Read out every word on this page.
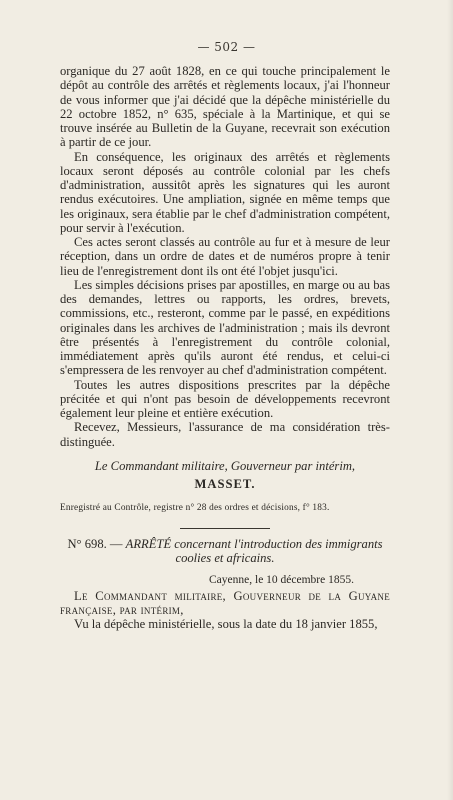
— 502 —

organique du 27 août 1828, en ce qui touche principalement le dépôt au contrôle des arrêtés et règlements locaux, j'ai l'honneur de vous informer que j'ai décidé que la dépêche ministérielle du 22 octobre 1852, n° 635, spéciale à la Martinique, et qui se trouve insérée au Bulletin de la Guyane, recevrait son exécution à partir de ce jour.

En conséquence, les originaux des arrêtés et règlements locaux seront déposés au contrôle colonial par les chefs d'administration, aussitôt après les signatures qui les auront rendus exécutoires. Une ampliation, signée en même temps que les originaux, sera établie par le chef d'administration compétent, pour servir à l'exécution.

Ces actes seront classés au contrôle au fur et à mesure de leur réception, dans un ordre de dates et de numéros propre à tenir lieu de l'enregistrement dont ils ont été l'objet jusqu'ici.

Les simples décisions prises par apostilles, en marge ou au bas des demandes, lettres ou rapports, les ordres, brevets, commissions, etc., resteront, comme par le passé, en expéditions originales dans les archives de l'administration ; mais ils devront être présentés à l'enregistrement du contrôle colonial, immédiatement après qu'ils auront été rendus, et celui-ci s'empressera de les renvoyer au chef d'administration compétent.

Toutes les autres dispositions prescrites par la dépêche précitée et qui n'ont pas besoin de développements recevront également leur pleine et entière exécution.

Recevez, Messieurs, l'assurance de ma considération très-distinguée.

Le Commandant militaire, Gouverneur par intérim,
MASSET.
Enregistré au Contrôle, registre n° 28 des ordres et décisions, f° 183.
N° 698. — ARRÊTÉ concernant l'introduction des immigrants coolies et africains.
Cayenne, le 10 décembre 1855.

Le Commandant militaire, Gouverneur de la Guyane française, par intérim,

Vu la dépêche ministérielle, sous la date du 18 janvier 1855,
